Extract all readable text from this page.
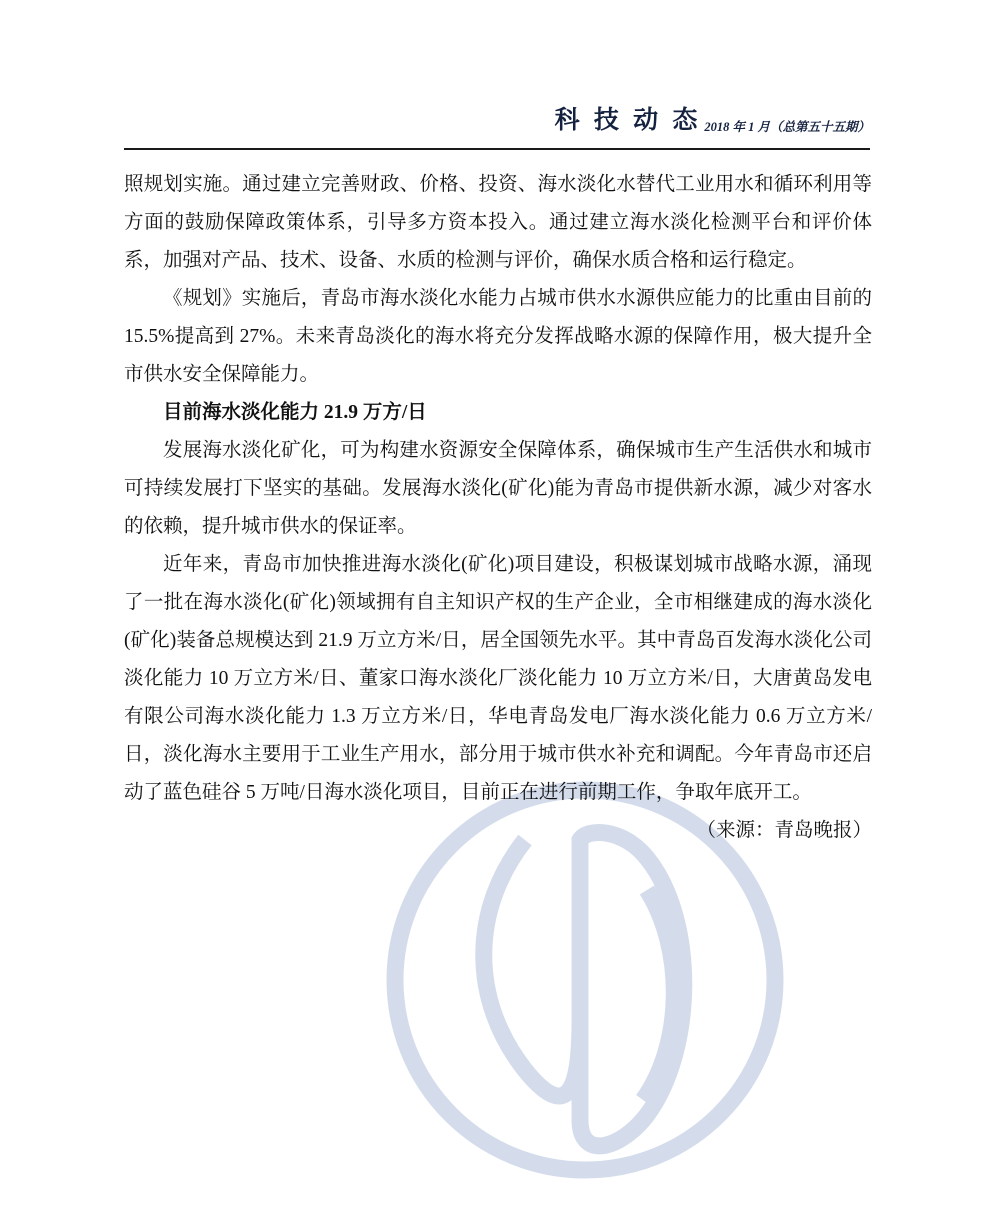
科 技 动 态 2018 年 1 月（总第五十五期）

照规划实施。通过建立完善财政、价格、投资、海水淡化水替代工业用水和循环利用等方面的鼓励保障政策体系，引导多方资本投入。通过建立海水淡化检测平台和评价体系，加强对产品、技术、设备、水质的检测与评价，确保水质合格和运行稳定。

《规划》实施后，青岛市海水淡化水能力占城市供水水源供应能力的比重由目前的 15.5%提高到 27%。未来青岛淡化的海水将充分发挥战略水源的保障作用，极大提升全市供水安全保障能力。

目前海水淡化能力 21.9 万方/日

发展海水淡化矿化，可为构建水资源安全保障体系，确保城市生产生活供水和城市可持续发展打下坚实的基础。发展海水淡化(矿化)能为青岛市提供新水源，减少对客水的依赖，提升城市供水的保证率。

近年来，青岛市加快推进海水淡化(矿化)项目建设，积极谋划城市战略水源，涌现了一批在海水淡化(矿化)领域拥有自主知识产权的生产企业，全市相继建成的海水淡化(矿化)装备总规模达到 21.9 万立方米/日，居全国领先水平。其中青岛百发海水淡化公司淡化能力 10 万立方米/日、董家口海水淡化厂淡化能力 10 万立方米/日，大唐黄岛发电有限公司海水淡化能力 1.3 万立方米/日，华电青岛发电厂海水淡化能力 0.6 万立方米/日，淡化海水主要用于工业生产用水，部分用于城市供水补充和调配。今年青岛市还启动了蓝色硅谷 5 万吨/日海水淡化项目，目前正在进行前期工作，争取年底开工。

（来源：青岛晚报）
